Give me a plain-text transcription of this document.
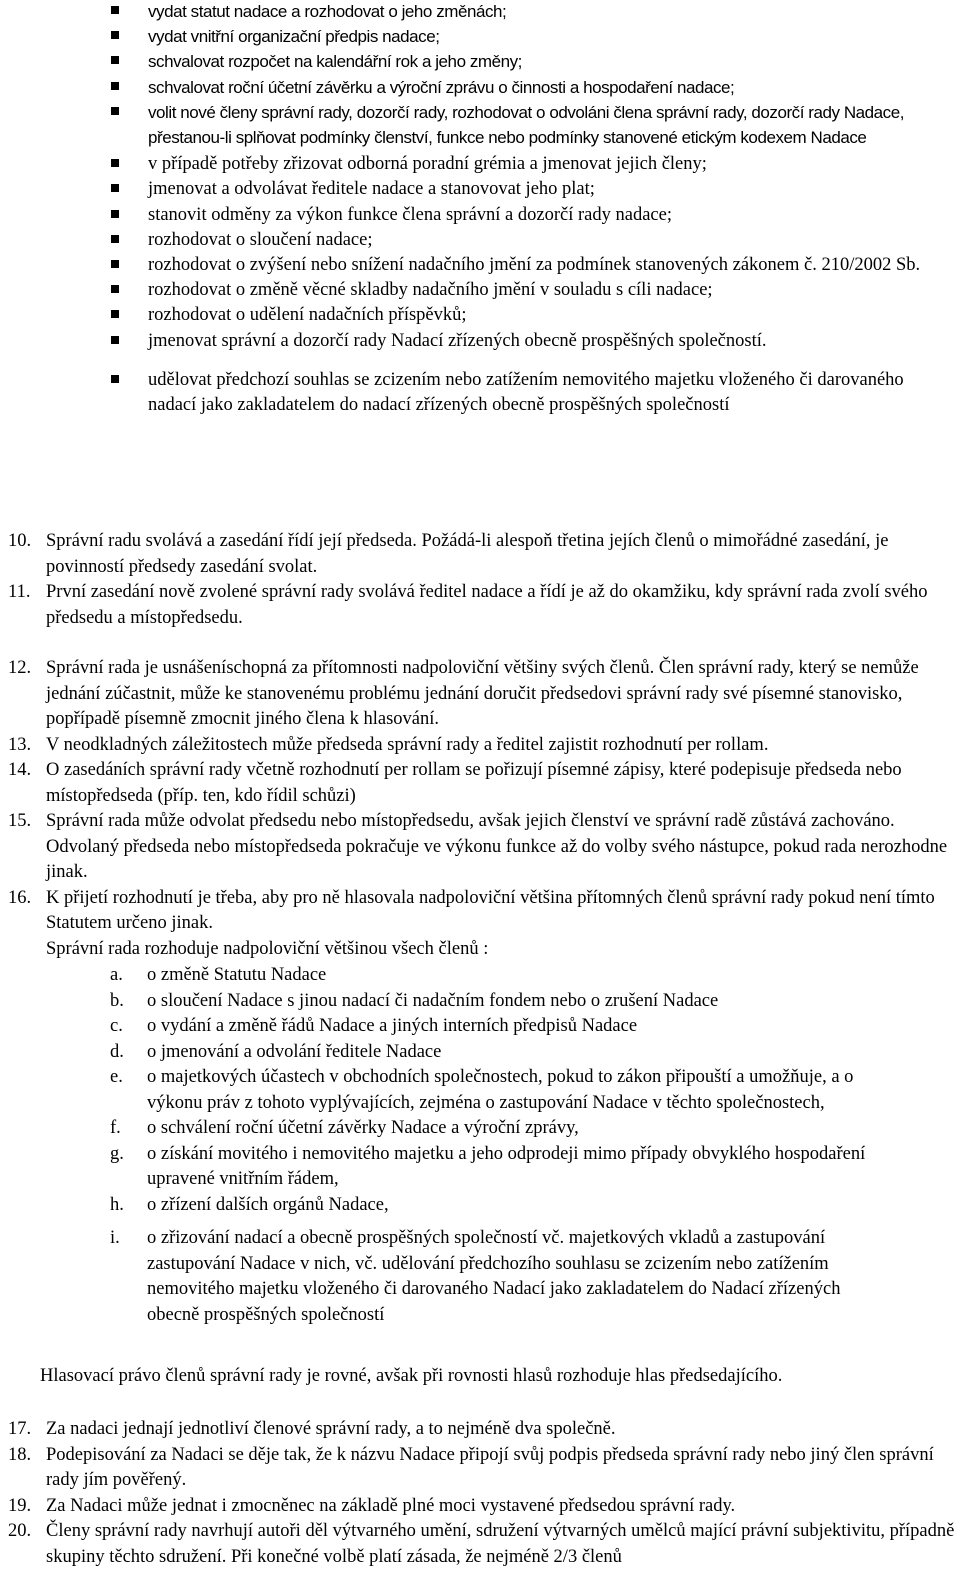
vydat statut nadace a rozhodovat o jeho změnách;
vydat vnitřní organizační předpis nadace;
schvalovat rozpočet na kalendářní rok a jeho změny;
schvalovat roční účetní závěrku a výroční zprávu o činnosti a hospodaření nadace;
volit nové členy správní rady, dozorčí rady, rozhodovat o odvoláni člena správní rady, dozorčí rady Nadace, přestanou-li splňovat podmínky členství, funkce nebo podmínky stanovené etickým kodexem Nadace
v případě potřeby zřizovat odborná poradní grémia a jmenovat jejich členy;
jmenovat a odvolávat ředitele nadace a stanovovat jeho plat;
stanovit odměny za výkon funkce člena správní a dozorčí rady nadace;
rozhodovat o sloučení nadace;
rozhodovat o zvýšení nebo snížení nadačního jmění za podmínek stanovených zákonem č. 210/2002 Sb.
rozhodovat o změně věcné skladby nadačního jmění v souladu s cíli nadace;
rozhodovat o udělení nadačních příspěvků;
jmenovat správní a dozorčí rady Nadací zřízených obecně prospěšných společností.
udělovat předchozí souhlas se zcizením nebo zatížením nemovitého majetku vloženého či darovaného nadací jako zakladatelem do nadací zřízených obecně prospěšných společností
10. Správní radu svolává a zasedání řídí její předseda. Požádá-li alespoň třetina jejích členů o mimořádné zasedání, je povinností předsedy zasedání svolat.
11. První zasedání nově zvolené správní rady svolává ředitel nadace a řídí je až do okamžiku, kdy správní rada zvolí svého předsedu a místopředsedu.
12. Správní rada je usnášeníschopná za přítomnosti nadpoloviční většiny svých členů. Člen správní rady, který se nemůže jednání zúčastnit, může ke stanovenému problému jednání doručit předsedovi správní rady své písemné stanovisko, popřípadě písemně zmocnit jiného člena k hlasování.
13. V neodkladných záležitostech může předseda správní rady a ředitel zajistit rozhodnutí per rollam.
14. O zasedáních správní rady včetně rozhodnutí per rollam se pořizují písemné zápisy, které podepisuje předseda nebo místopředseda (příp. ten, kdo řídil schůzi)
15. Správní rada může odvolat předsedu nebo místopředsedu, avšak jejich členství ve správní radě zůstává zachováno. Odvolaný předseda nebo místopředseda pokračuje ve výkonu funkce až do volby svého nástupce, pokud rada nerozhodne jinak.
16. K přijetí rozhodnutí je třeba, aby pro ně hlasovala nadpoloviční většina přítomných členů správní rady pokud není tímto Statutem určeno jinak.
Správní rada rozhoduje nadpoloviční většinou všech členů :
a. o změně Statutu Nadace
b. o sloučení Nadace s jinou nadací či nadačním fondem nebo o zrušení Nadace
c. o vydání a změně řádů Nadace a jiných interních předpisů Nadace
d. o jmenování a odvolání ředitele Nadace
e. o majetkových účastech v obchodních společnostech, pokud to zákon připouští a umožňuje, a o výkonu práv z tohoto vyplývajících, zejména o zastupování Nadace v těchto společnostech,
f. o schválení roční účetní závěrky Nadace a výroční zprávy,
g. o získání movitého i nemovitého majetku a jeho odprodeji mimo případy obvyklého hospodaření upravené vnitřním řádem,
h. o zřízení dalších orgánů Nadace,
i. o zřizování nadací a obecně prospěšných společností vč. majetkových vkladů a zastupování zastupování Nadace v nich, vč. udělování předchozího souhlasu se zcizením nebo zatížením nemovitého majetku vloženého či darovaného Nadací jako zakladatelem do Nadací zřízených obecně prospěšných společností
Hlasovací právo členů správní rady je rovné, avšak při rovnosti hlasů rozhoduje hlas předsedajícího.
17. Za nadaci jednají jednotliví členové správní rady, a to nejméně dva společně.
18. Podepisování za Nadaci se děje tak, že k názvu Nadace připojí svůj podpis předseda správní rady nebo jiný člen správní rady jím pověřený.
19. Za Nadaci může jednat i zmocněnec na základě plné moci vystavené předsedou správní rady.
20. Členy správní rady navrhují autoři děl výtvarného umění, sdružení výtvarných umělců mající právní subjektivitu, případně skupiny těchto sdružení. Při konečné volbě platí zásada, že nejméně 2/3 členů
